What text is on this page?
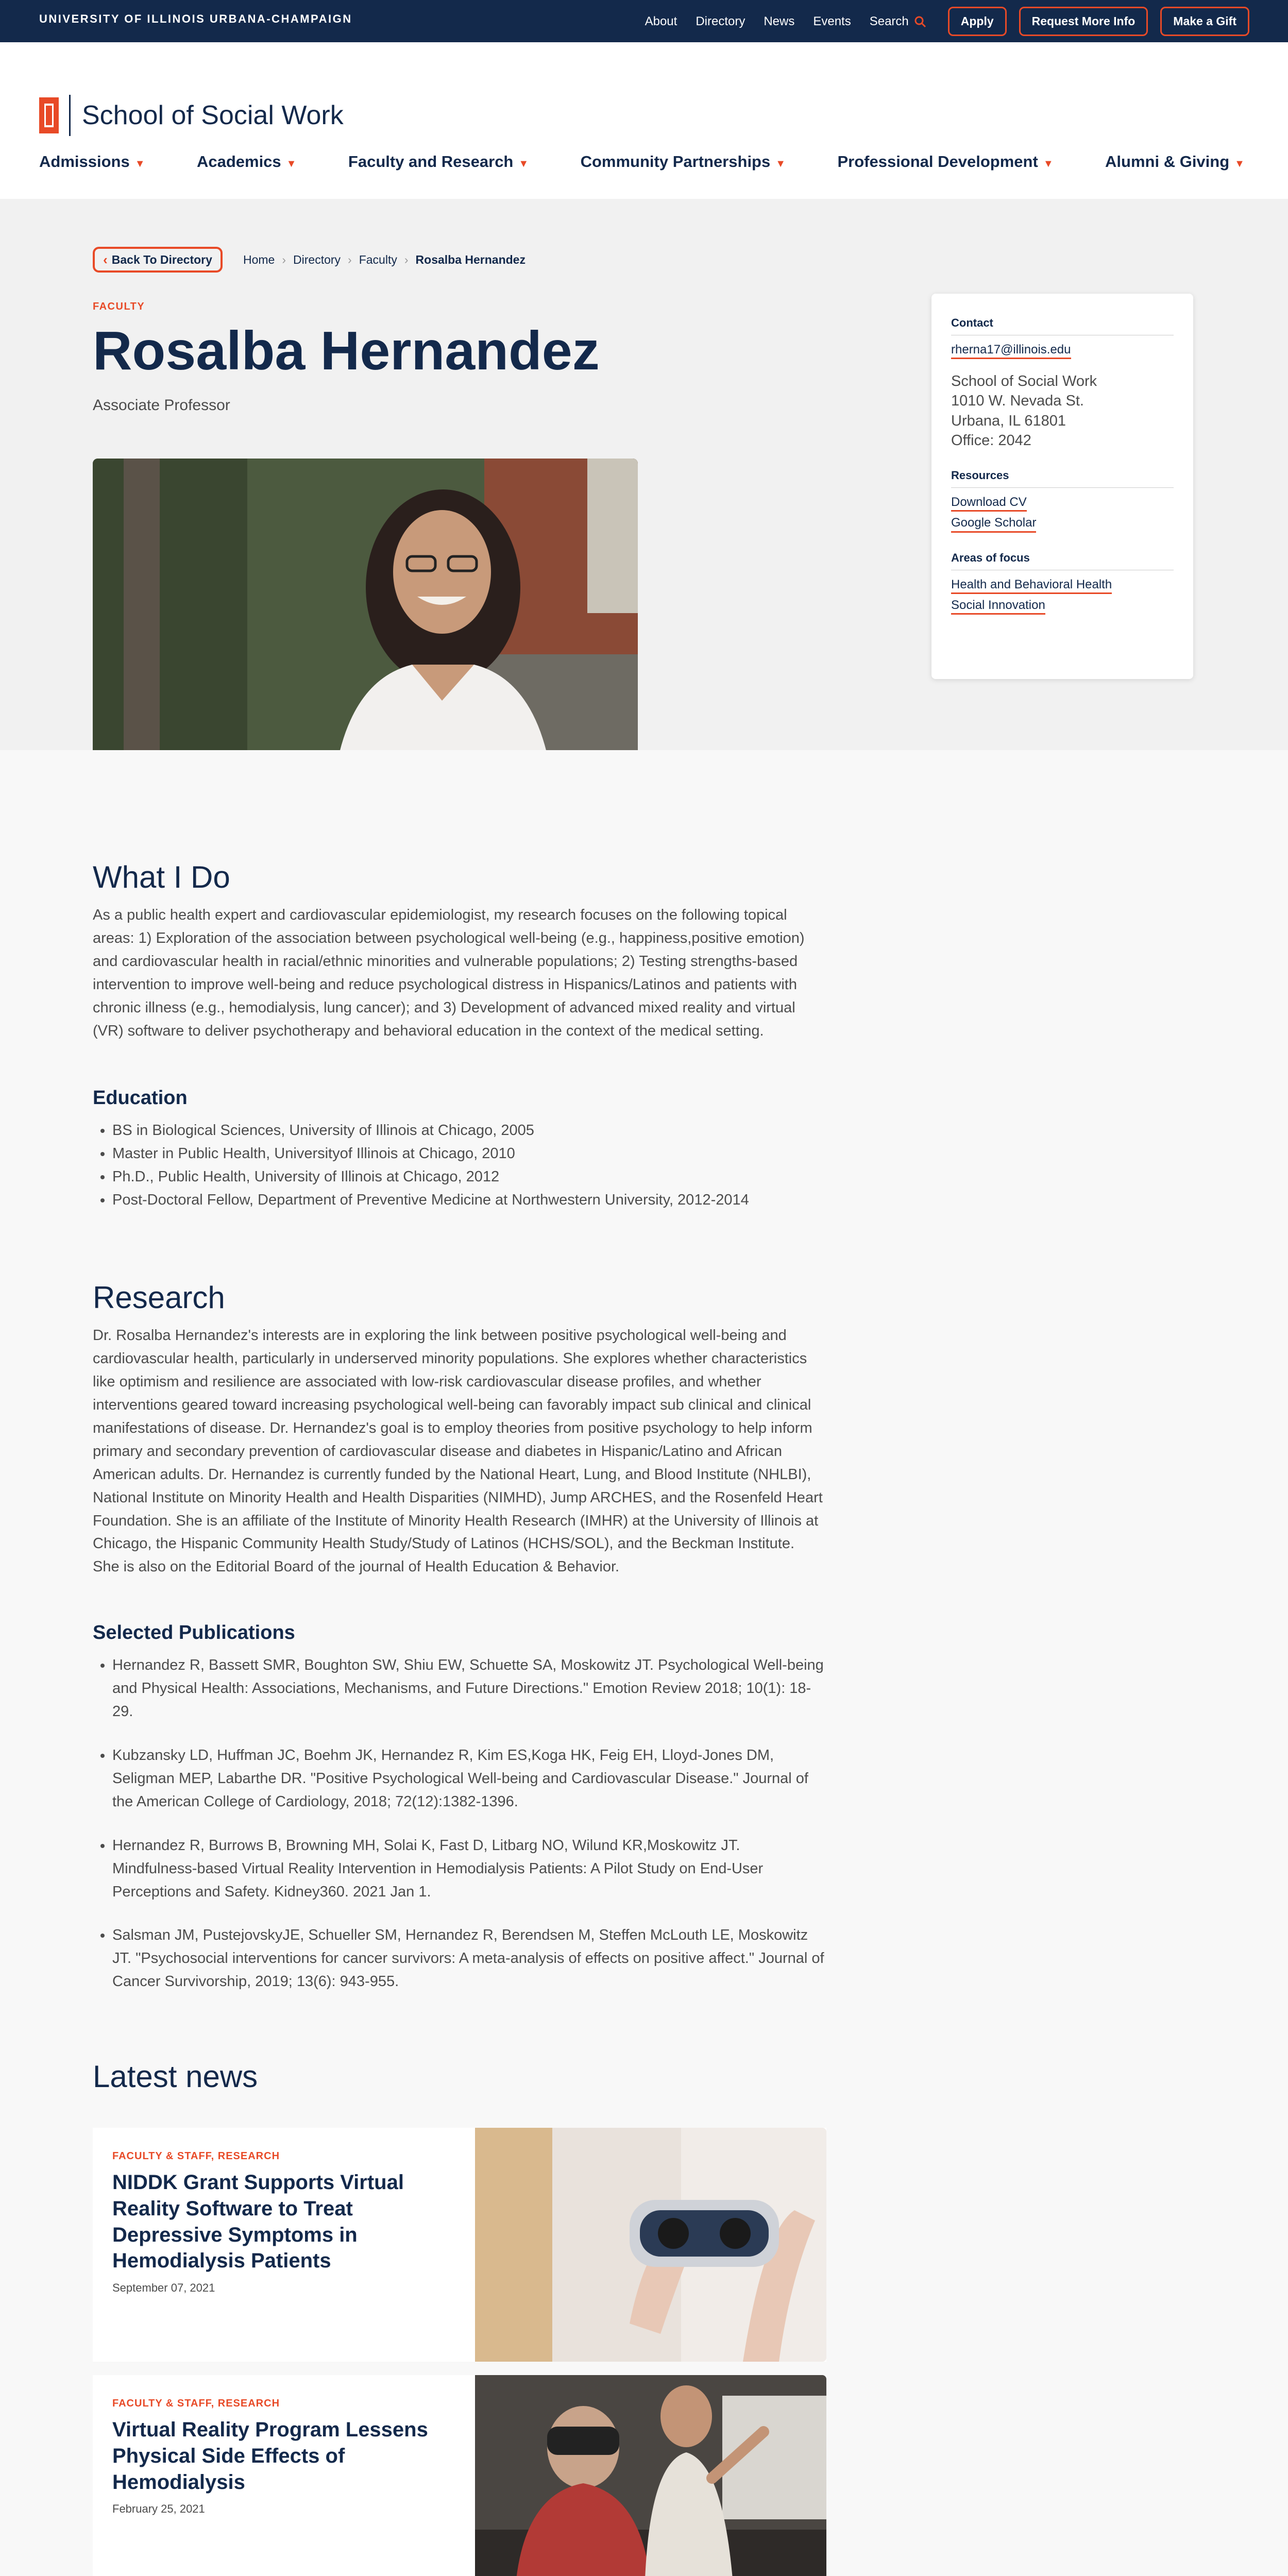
UNIVERSITY OF ILLINOIS URBANA-CHAMPAIGN	About Directory News Events Search	Apply	Request More Info	Make a Gift
School of Social Work
Admissions ▼	Academics ▼	Faculty and Research ▼	Community Partnerships ▼	Professional Development ▼	Alumni & Giving ▼
‹ Back To Directory	Home › Directory › Faculty › Rosalba Hernandez
FACULTY
Rosalba Hernandez
Associate Professor
Contact
rherna17@illinois.edu
School of Social Work
1010 W. Nevada St.
Urbana, IL 61801
Office: 2042
Resources
Download CV
Google Scholar
Areas of focus
Health and Behavioral Health
Social Innovation
What I Do

As a public health expert and cardiovascular epidemiologist, my research focuses on the following topical areas: 1) Exploration of the association between psychological well-being (e.g., happiness,positive emotion) and cardiovascular health in racial/ethnic minorities and vulnerable populations; 2) Testing strengths-based intervention to improve well-being and reduce psychological distress in Hispanics/Latinos and patients with chronic illness (e.g., hemodialysis, lung cancer); and 3) Development of advanced mixed reality and virtual (VR) software to deliver psychotherapy and behavioral education in the context of the medical setting.

Education
• BS in Biological Sciences, University of Illinois at Chicago, 2005
• Master in Public Health, Universityof Illinois at Chicago, 2010
• Ph.D., Public Health, University of Illinois at Chicago, 2012
• Post-Doctoral Fellow, Department of Preventive Medicine at Northwestern University, 2012-2014
Research

Dr. Rosalba Hernandez's interests are in exploring the link between positive psychological well-being and cardiovascular health, particularly in underserved minority populations. She explores whether characteristics like optimism and resilience are associated with low-risk cardiovascular disease profiles, and whether interventions geared toward increasing psychological well-being can favorably impact sub clinical and clinical manifestations of disease. Dr. Hernandez's goal is to employ theories from positive psychology to help inform primary and secondary prevention of cardiovascular disease and diabetes in Hispanic/Latino and African American adults. Dr. Hernandez is currently funded by the National Heart, Lung, and Blood Institute (NHLBI), National Institute on Minority Health and Health Disparities (NIMHD), Jump ARCHES, and the Rosenfeld Heart Foundation. She is an affiliate of the Institute of Minority Health Research (IMHR) at the University of Illinois at Chicago, the Hispanic Community Health Study/Study of Latinos (HCHS/SOL), and the Beckman Institute. She is also on the Editorial Board of the journal of Health Education & Behavior.

Selected Publications
• Hernandez R, Bassett SMR, Boughton SW, Shiu EW, Schuette SA, Moskowitz JT. Psychological Well-being and Physical Health: Associations, Mechanisms, and Future Directions." Emotion Review 2018; 10(1): 18-29.
• Kubzansky LD, Huffman JC, Boehm JK, Hernandez R, Kim ES,Koga HK, Feig EH, Lloyd-Jones DM, Seligman MEP, Labarthe DR. "Positive Psychological Well-being and Cardiovascular Disease." Journal of the American College of Cardiology, 2018; 72(12):1382-1396.
• Hernandez R, Burrows B, Browning MH, Solai K, Fast D, Litbarg NO, Wilund KR,Moskowitz JT. Mindfulness-based Virtual Reality Intervention in Hemodialysis Patients: A Pilot Study on End-User Perceptions and Safety. Kidney360. 2021 Jan 1.
• Salsman JM, PustejovskyJE, Schueller SM, Hernandez R, Berendsen M, Steffen McLouth LE, Moskowitz JT. "Psychosocial interventions for cancer survivors: A meta-analysis of effects on positive affect." Journal of Cancer Survivorship, 2019; 13(6): 943-955.
Latest news
FACULTY & STAFF, RESEARCH
NIDDK Grant Supports Virtual Reality Software to Treat Depressive Symptoms in Hemodialysis Patients
September 07, 2021
FACULTY & STAFF, RESEARCH
Virtual Reality Program Lessens Physical Side Effects of Hemodialysis
February 25, 2021
